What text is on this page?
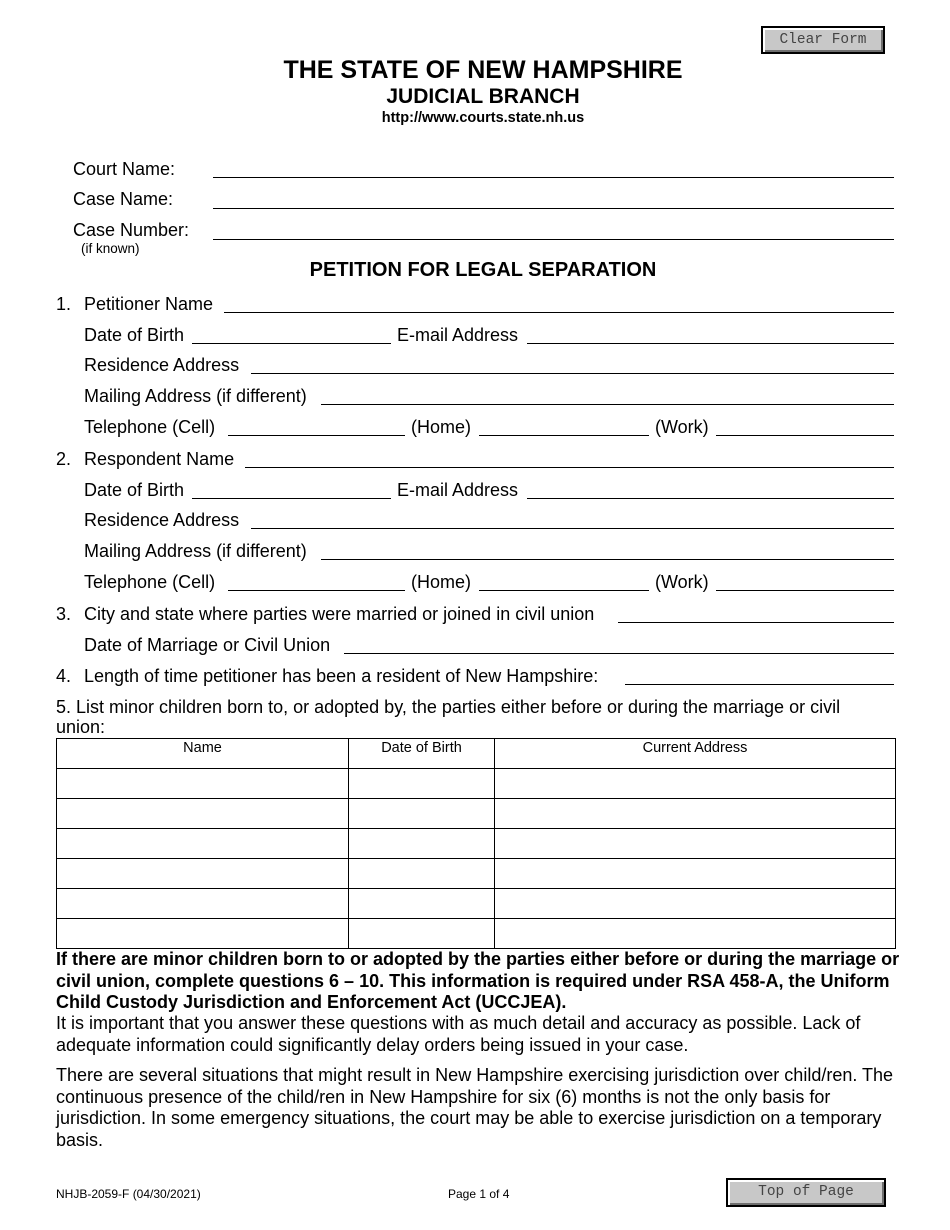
Clear Form
THE STATE OF NEW HAMPSHIRE
JUDICIAL BRANCH
http://www.courts.state.nh.us
Court Name:
Case Name:
Case Number:
(if known)
PETITION FOR LEGAL SEPARATION
1. Petitioner Name
Date of Birth	E-mail Address
Residence Address
Mailing Address (if different)
Telephone (Cell)	(Home)	(Work)
2. Respondent Name
Date of Birth	E-mail Address
Residence Address
Mailing Address (if different)
Telephone (Cell)	(Home)	(Work)
3. City and state where parties were married or joined in civil union
Date of Marriage or Civil Union
4. Length of time petitioner has been a resident of New Hampshire:
5. List minor children born to, or adopted by, the parties either before or during the marriage or civil
union:
Name	Date of Birth	Current Address

If there are minor children born to or adopted by the parties either before or during the marriage or civil union, complete questions 6 – 10. This information is required under RSA 458-A, the Uniform Child Custody Jurisdiction and Enforcement Act (UCCJEA).
It is important that you answer these questions with as much detail and accuracy as possible. Lack of adequate information could significantly delay orders being issued in your case.
There are several situations that might result in New Hampshire exercising jurisdiction over child/ren. The continuous presence of the child/ren in New Hampshire for six (6) months is not the only basis for jurisdiction. In some emergency situations, the court may be able to exercise jurisdiction on a temporary basis.
NHJB-2059-F (04/30/2021)	Page 1 of 4	Top of Page
